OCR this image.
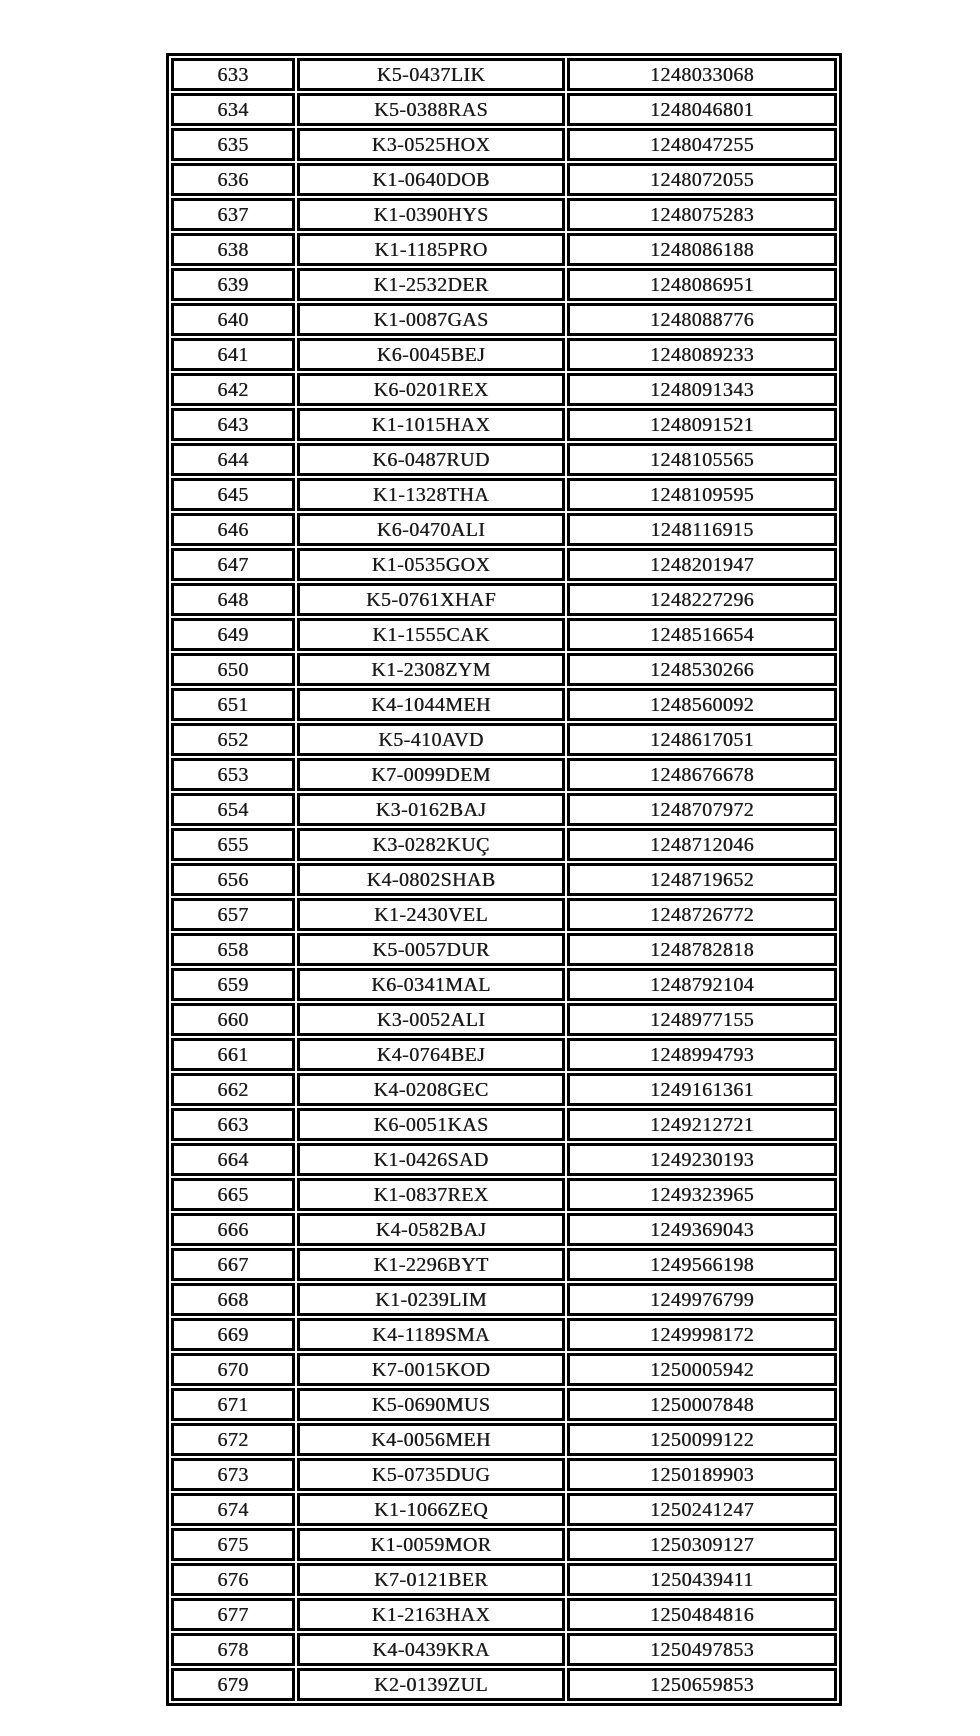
633	K5-0437LIK	1248033068
634	K5-0388RAS	1248046801
635	K3-0525HOX	1248047255
636	K1-0640DOB	1248072055
637	K1-0390HYS	1248075283
638	K1-1185PRO	1248086188
639	K1-2532DER	1248086951
640	K1-0087GAS	1248088776
641	K6-0045BEJ	1248089233
642	K6-0201REX	1248091343
643	K1-1015HAX	1248091521
644	K6-0487RUD	1248105565
645	K1-1328THA	1248109595
646	K6-0470ALI	1248116915
647	K1-0535GOX	1248201947
648	K5-0761XHAF	1248227296
649	K1-1555CAK	1248516654
650	K1-2308ZYM	1248530266
651	K4-1044MEH	1248560092
652	K5-410AVD	1248617051
653	K7-0099DEM	1248676678
654	K3-0162BAJ	1248707972
655	K3-0282KUÇ	1248712046
656	K4-0802SHAB	1248719652
657	K1-2430VEL	1248726772
658	K5-0057DUR	1248782818
659	K6-0341MAL	1248792104
660	K3-0052ALI	1248977155
661	K4-0764BEJ	1248994793
662	K4-0208GEC	1249161361
663	K6-0051KAS	1249212721
664	K1-0426SAD	1249230193
665	K1-0837REX	1249323965
666	K4-0582BAJ	1249369043
667	K1-2296BYT	1249566198
668	K1-0239LIM	1249976799
669	K4-1189SMA	1249998172
670	K7-0015KOD	1250005942
671	K5-0690MUS	1250007848
672	K4-0056MEH	1250099122
673	K5-0735DUG	1250189903
674	K1-1066ZEQ	1250241247
675	K1-0059MOR	1250309127
676	K7-0121BER	1250439411
677	K1-2163HAX	1250484816
678	K4-0439KRA	1250497853
679	K2-0139ZUL	1250659853
